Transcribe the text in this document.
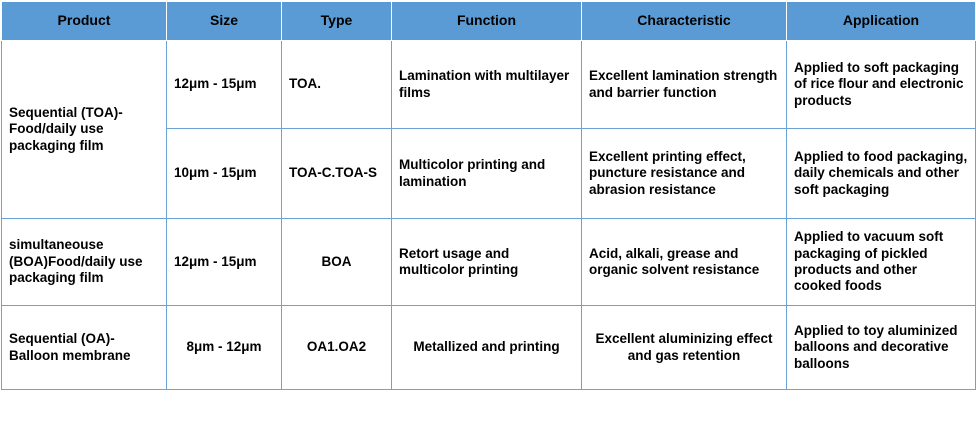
Product	Size	Type	Function	Characteristic	Application
Sequential (TOA)-Food/daily use packaging film	12μm - 15μm	TOA.	Lamination with multilayer films	Excellent lamination strength and barrier function	Applied to soft packaging of rice flour and electronic products
	10μm - 15μm	TOA-C.TOA-S	Multicolor printing and lamination	Excellent printing effect, puncture resistance and abrasion resistance	Applied to food packaging, daily chemicals and other soft packaging
simultaneouse (BOA)Food/daily use packaging film	12μm - 15μm	BOA	Retort usage and multicolor printing	Acid, alkali, grease and organic solvent resistance	Applied to vacuum soft packaging of pickled products and other cooked foods
Sequential (OA)-Balloon membrane	8μm - 12μm	OA1.OA2	Metallized and printing	Excellent aluminizing effect and gas retention	Applied to toy aluminized balloons and decorative balloons
